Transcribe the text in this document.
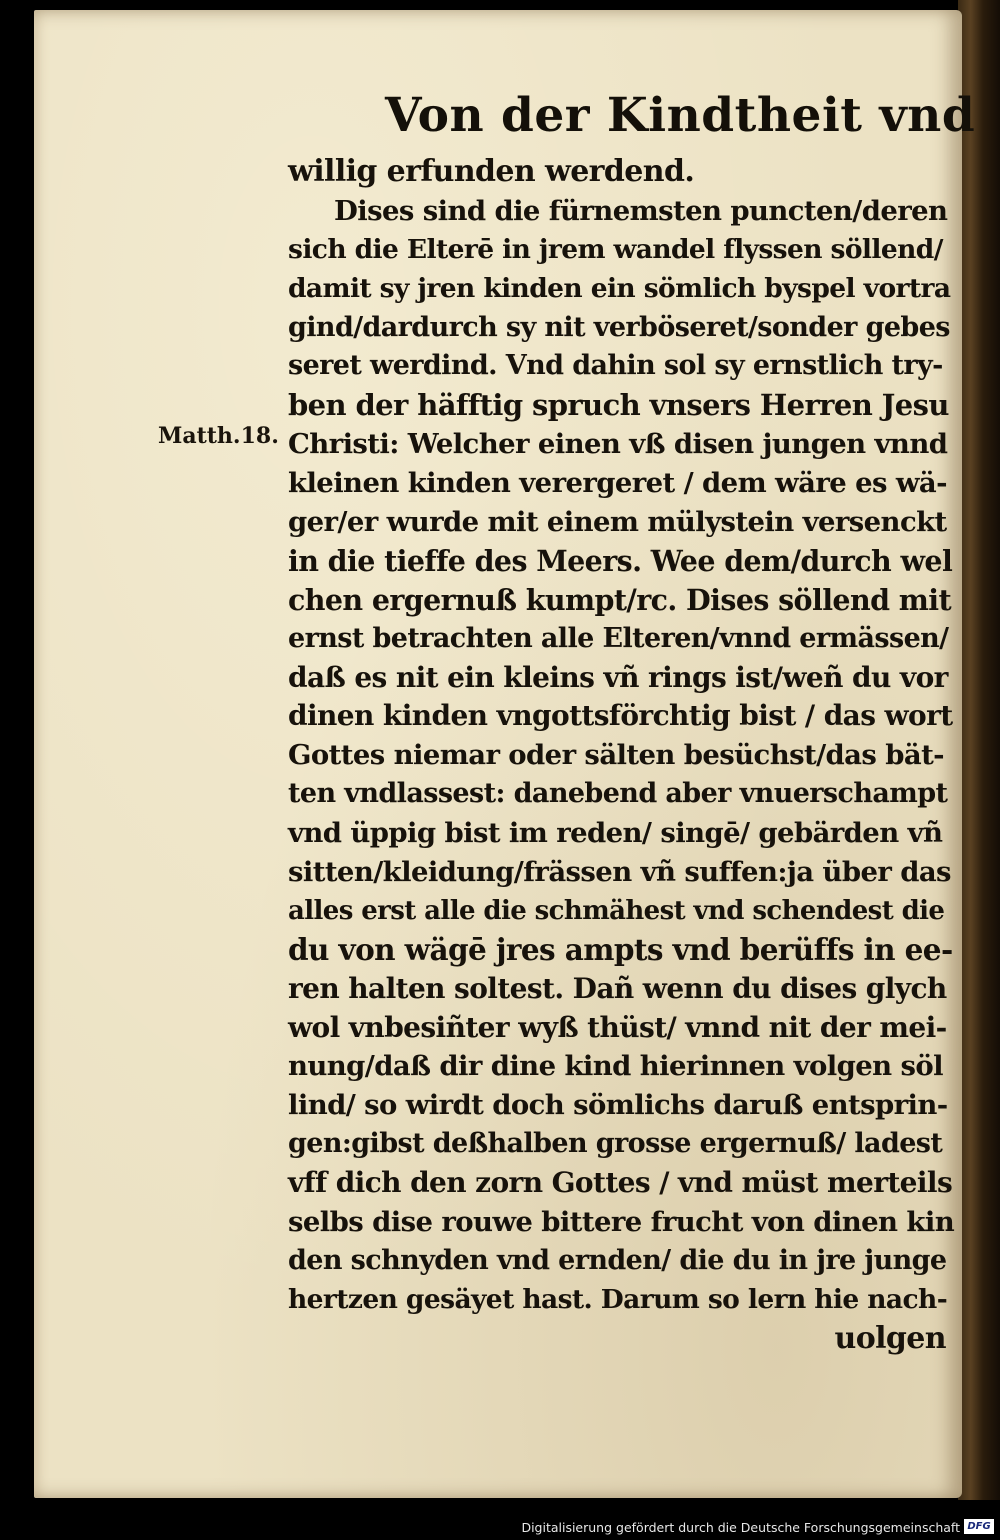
Von der Kindtheit vnd
Matth.18.
willig erfunden werdend.
Dises sind die fürnemsten puncten/deren
sich die Elterē in jrem wandel flyssen söllend/
damit sy jren kinden ein sömlich byspel vortra
gind/dardurch sy nit verböseret/sonder gebes
seret werdind. Vnd dahin sol sy ernstlich try-
ben der häfftig spruch vnsers Herren Jesu
Christi: Welcher einen vß disen jungen vnnd
kleinen kinden verergeret / dem wäre es wä-
ger/er wurde mit einem mülystein versenckt
in die tieffe des Meers. Wee dem/durch wel
chen ergernuß kumpt/rc. Dises söllend mit
ernst betrachten alle Elteren/vnnd ermässen/
daß es nit ein kleins vñ rings ist/weñ du vor
dinen kinden vngottsförchtig bist / das wort
Gottes niemar oder sälten besüchst/das bät-
ten vndlassest: danebend aber vnuerschampt
vnd üppig bist im reden/ singē/ gebärden vñ
sitten/kleidung/frässen vñ suffen:ja über das
alles erst alle die schmähest vnd schendest die
du von wägē jres ampts vnd berüffs in ee-
ren halten soltest. Dañ wenn du dises glych
wol vnbesiñter wyß thüst/ vnnd nit der mei-
nung/daß dir dine kind hierinnen volgen söl
lind/ so wirdt doch sömlichs daruß entsprin-
gen:gibst deßhalben grosse ergernuß/ ladest
vff dich den zorn Gottes / vnd müst merteils
selbs dise rouwe bittere frucht von dinen kin
den schnyden vnd ernden/ die du in jre junge
hertzen gesäyet hast. Darum so lern hie nach-
uolgen
Digitalisierung gefördert durch die Deutsche Forschungsgemeinschaft DFG
